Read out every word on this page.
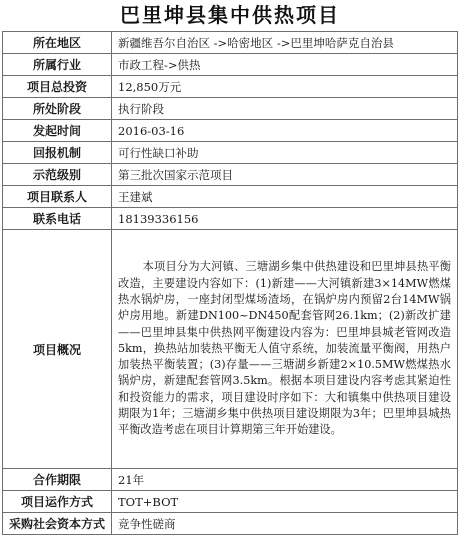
巴里坤县集中供热项目
所在地区	新疆维吾尔自治区 ->哈密地区 ->巴里坤哈萨克自治县
所属行业	市政工程->供热
项目总投资	12,850万元
所处阶段	执行阶段
发起时间	2016-03-16
回报机制	可行性缺口补助
示范级别	第三批次国家示范项目
项目联系人	王建斌
联系电话	18139336156
项目概况	本项目分为大河镇、三塘湖乡集中供热建设和巴里坤县热平衡改造，主要建设内容如下：(1)新建——大河镇新建3×14MW燃煤热水锅炉房，一座封闭型煤场渣场，在锅炉房内预留2台14MW锅炉房用地。新建DN100~DN450配套管网26.1km；(2)新改扩建——巴里坤县集中供热网平衡建设内容为：巴里坤县城老管网改造5km，换热站加装热平衡无人值守系统，加装流量平衡阀，用热户加装热平衡装置；(3)存量——三塘湖乡新建2×10.5MW燃煤热水锅炉房，新建配套管网3.5km。根据本项目建设内容考虑其紧迫性和投资能力的需求，项目建设时序如下：大和镇集中供热项目建设期限为1年；三塘湖乡集中供热项目建设期限为3年；巴里坤县城热平衡改造考虑在项目计算期第三年开始建设。

合作期限	21年
项目运作方式	TOT+BOT
采购社会资本方式	竞争性磋商
